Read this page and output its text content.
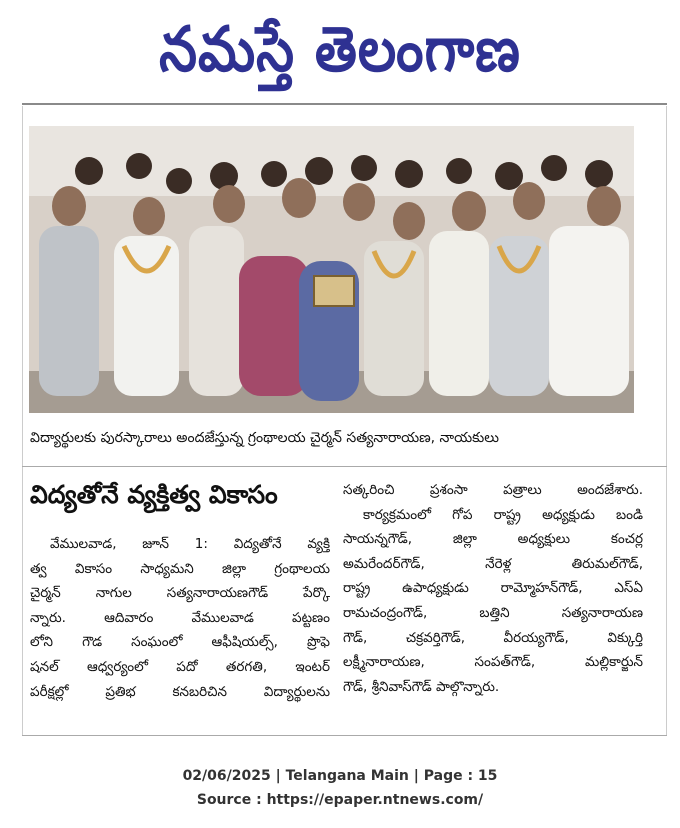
నమస్తే తెలంగాణ
విద్యార్థులకు పురస్కారాలు అందజేస్తున్న గ్రంథాలయ చైర్మన్ సత్యనారాయణ, నాయకులు
విద్యతోనే వ్యక్తిత్వ వికాసం
వేములవాడ, జూన్ 1: విద్యతోనే వ్యక్తి
త్వ వికాసం సాధ్యమని జిల్లా గ్రంథాలయ
చైర్మన్ నాగుల సత్యనారాయణగౌడ్ పేర్కొ
న్నారు. ఆదివారం వేములవాడ పట్టణం
లోని గౌడ సంఘంలో ఆఫీషియల్స్, ప్రొఫె
షనల్ ఆధ్వర్యంలో పదో తరగతి, ఇంటర్
పరీక్షల్లో ప్రతిభ కనబరిచిన విద్యార్థులను
సత్కరించి ప్రశంసా పత్రాలు అందజేశారు.
కార్యక్రమంలో గోప రాష్ట్ర అధ్యక్షుడు బండి
సాయన్నగౌడ్, జిల్లా అధ్యక్షులు కంచర్ల
అమరేందర్‌గౌడ్, నేరెళ్ల తిరుమల్‌గౌడ్,
రాష్ట్ర ఉపాధ్యక్షుడు రామ్మోహన్‌గౌడ్, ఎస్‌ఏ
రామచంద్రంగౌడ్, బత్తిని సత్యనారాయణ
గౌడ్, చక్రవర్తిగౌడ్, వీరయ్యగౌడ్, విక్కుర్తి
లక్ష్మీనారాయణ, సంపత్‌గౌడ్, మల్లికార్జున్
గౌడ్, శ్రీనివాస్‌గౌడ్ పాల్గొన్నారు.
02/06/2025 | Telangana Main | Page : 15
Source : https://epaper.ntnews.com/
